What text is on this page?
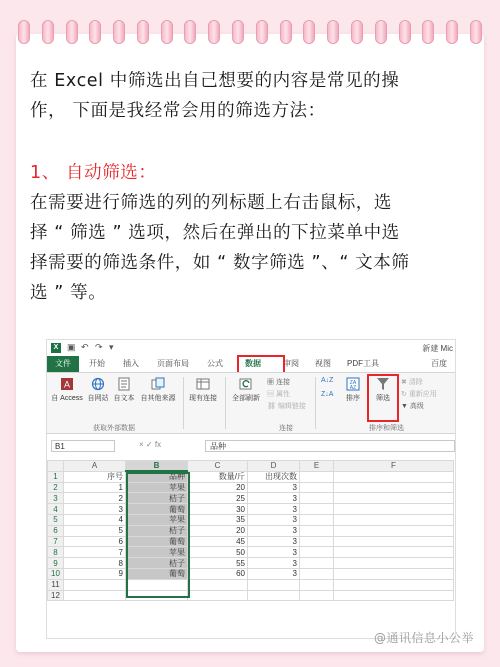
在 Excel 中筛选出自己想要的内容是常见的操
作， 下面是我经常会用的筛选方法：
1、 自动筛选：
在需要进行筛选的列的列标题上右击鼠标，选
择 “ 筛选 ” 选项，然后在弹出的下拉菜单中选
择需要的筛选条件，如 “ 数字筛选 ”、“ 文本筛
选 ” 等。
X ▣ ↶ ↷ ▾	新建 Mic
文件	开始 插入 页面布局 公式	数据	审阅 视图 PDF工具	百度
A
自 Access 自网站 自文本 自其他来源
获取外部数据
现有连接	全部刷新
▦ 连接
▤ 属性
⛓ 编辑链接
连接
A↓Z
Z↓A
ZA
AZ
排序	筛选
✖ 清除
↻ 重新应用
▼ 高级
排序和筛选
B1	× ✓ fx	品种
	A	B	C	D	E	F
1	序号	品种	数量/斤	出现次数		
2	1	苹果	20	3		
3	2	桔子	25	3		
4	3	葡萄	30	3		
5	4	苹果	35	3		
6	5	桔子	20	3		
7	6	葡萄	45	3		
8	7	苹果	50	3		
9	8	桔子	55	3		
10	9	葡萄	60	3		
11						
12						
@通讯信息小公举
